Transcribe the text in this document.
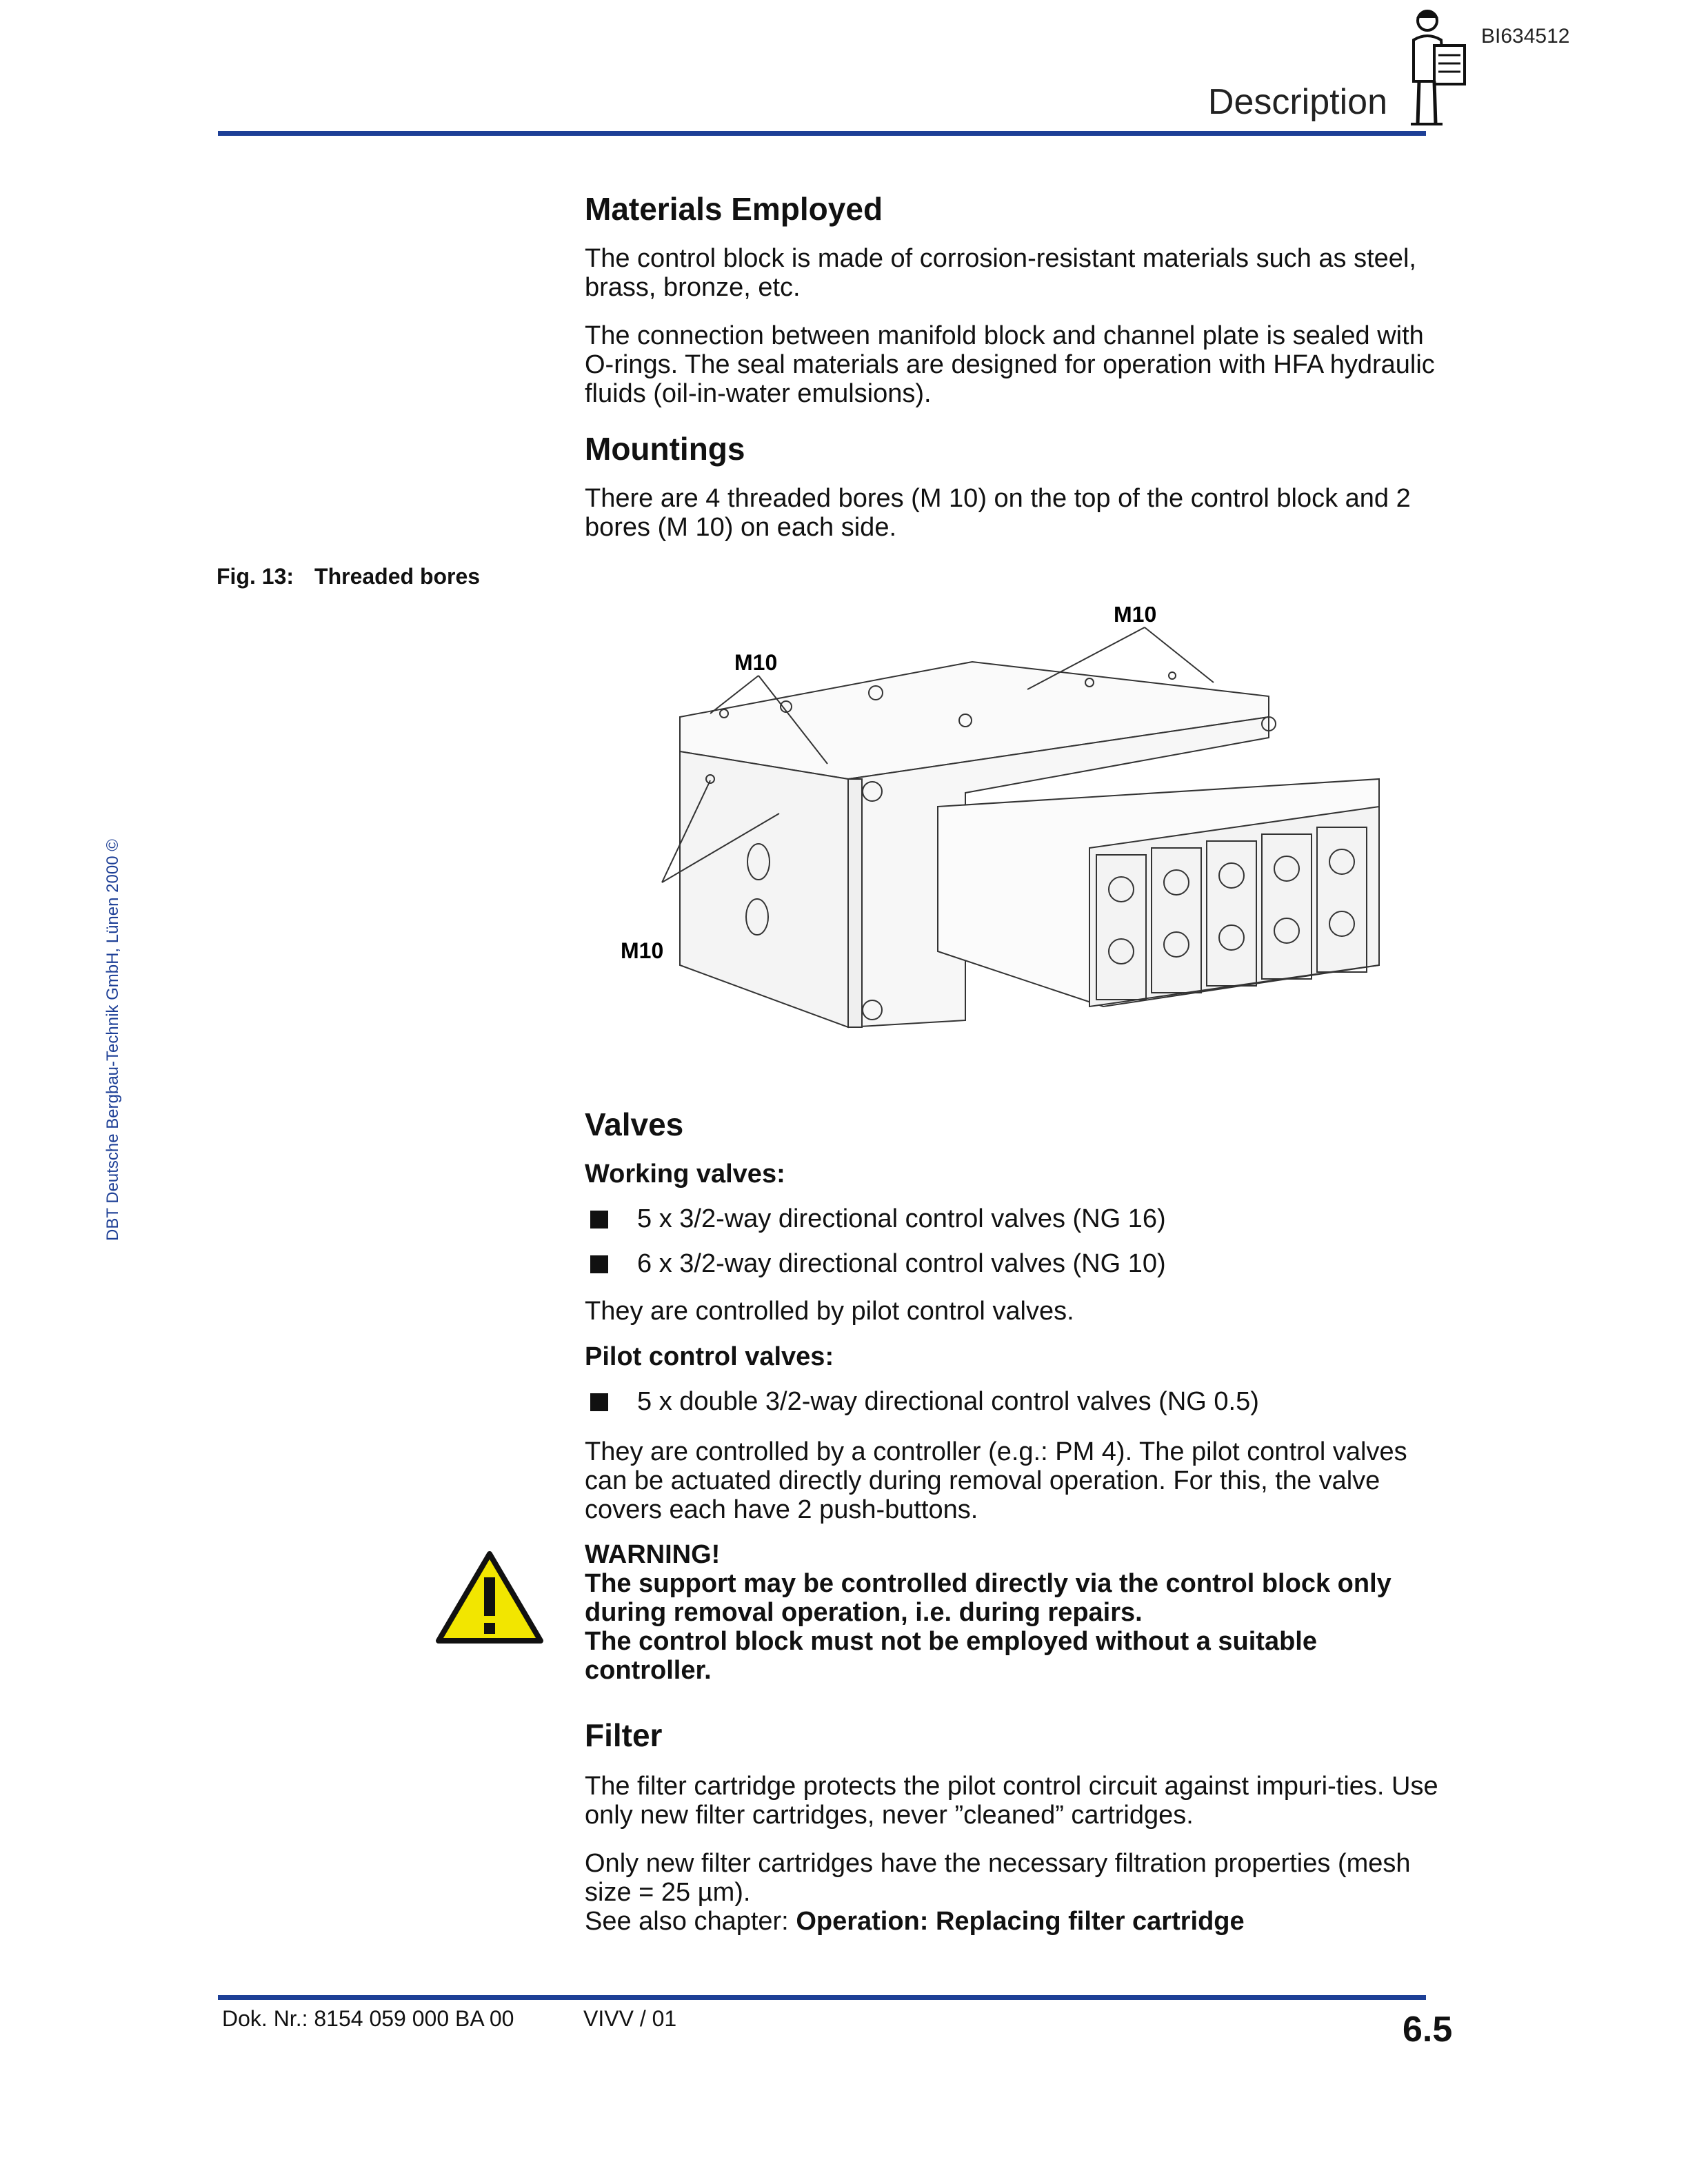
BI634512
Description
DBT Deutsche Bergbau-Technik GmbH, Lünen 2000 ©
Materials Employed

The control block is made of corrosion-resistant materials such as steel, brass, bronze, etc.

The connection between manifold block and channel plate is sealed with O-rings. The seal materials are designed for operation with HFA hydraulic fluids (oil-in-water emulsions).

Mountings

There are 4 threaded bores (M 10) on the top of the control block and 2 bores (M 10) on each side.

Fig. 13: Threaded bores
M10
M10
M10
Valves
Working valves:
5 x 3/2-way directional control valves (NG 16)
6 x 3/2-way directional control valves (NG 10)

They are controlled by pilot control valves.

Pilot control valves:
5 x double 3/2-way directional control valves (NG 0.5)

They are controlled by a controller (e.g.: PM 4). The pilot control valves can be actuated directly during removal operation. For this, the valve covers each have 2 push-buttons.

WARNING!
The support may be controlled directly via the control block only during removal operation, i.e. during repairs.
The control block must not be employed without a suitable controller.
Filter

The filter cartridge protects the pilot control circuit against impuri-ties. Use only new filter cartridges, never ”cleaned” cartridges.

Only new filter cartridges have the necessary filtration properties (mesh size = 25 µm).

See also chapter: Operation: Replacing filter cartridge

Dok. Nr.: 8154 059 000 BA 00	VIVV / 01	6.5
